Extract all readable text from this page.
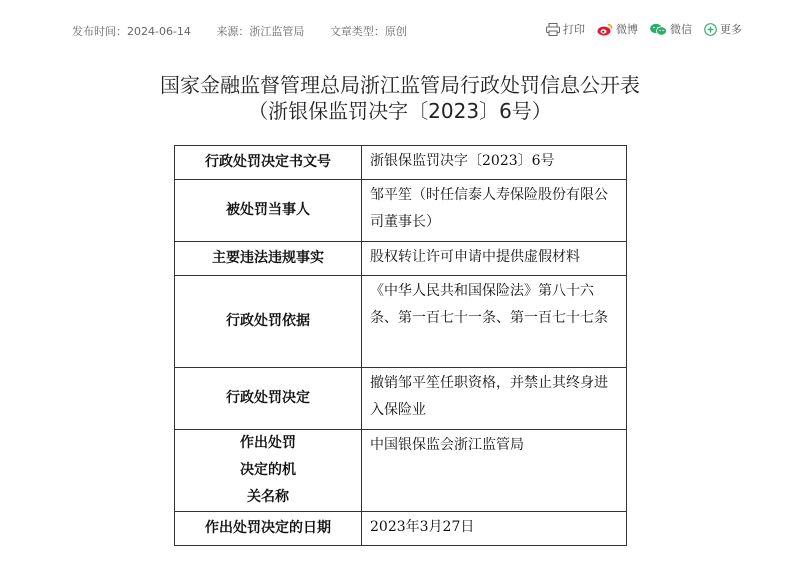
发布时间：2024-06-14 来源：浙江监管局 文章类型：原创	打印	微博	微信	更多
国家金融监督管理总局浙江监管局行政处罚信息公开表
（浙银保监罚决字〔2023〕6号）
行政处罚决定书文号	浙银保监罚决字〔2023〕6号
被处罚当事人	邹平笙（时任信泰人寿保险股份有限公司董事长）
主要违法违规事实	股权转让许可申请中提供虚假材料
行政处罚依据	《中华人民共和国保险法》第八十六条、第一百七十一条、第一百七十七条
行政处罚决定	撤销邹平笙任职资格，并禁止其终身进入保险业
作出处罚决定的机关名称	中国银保监会浙江监管局
作出处罚决定的日期	2023年3月27日
